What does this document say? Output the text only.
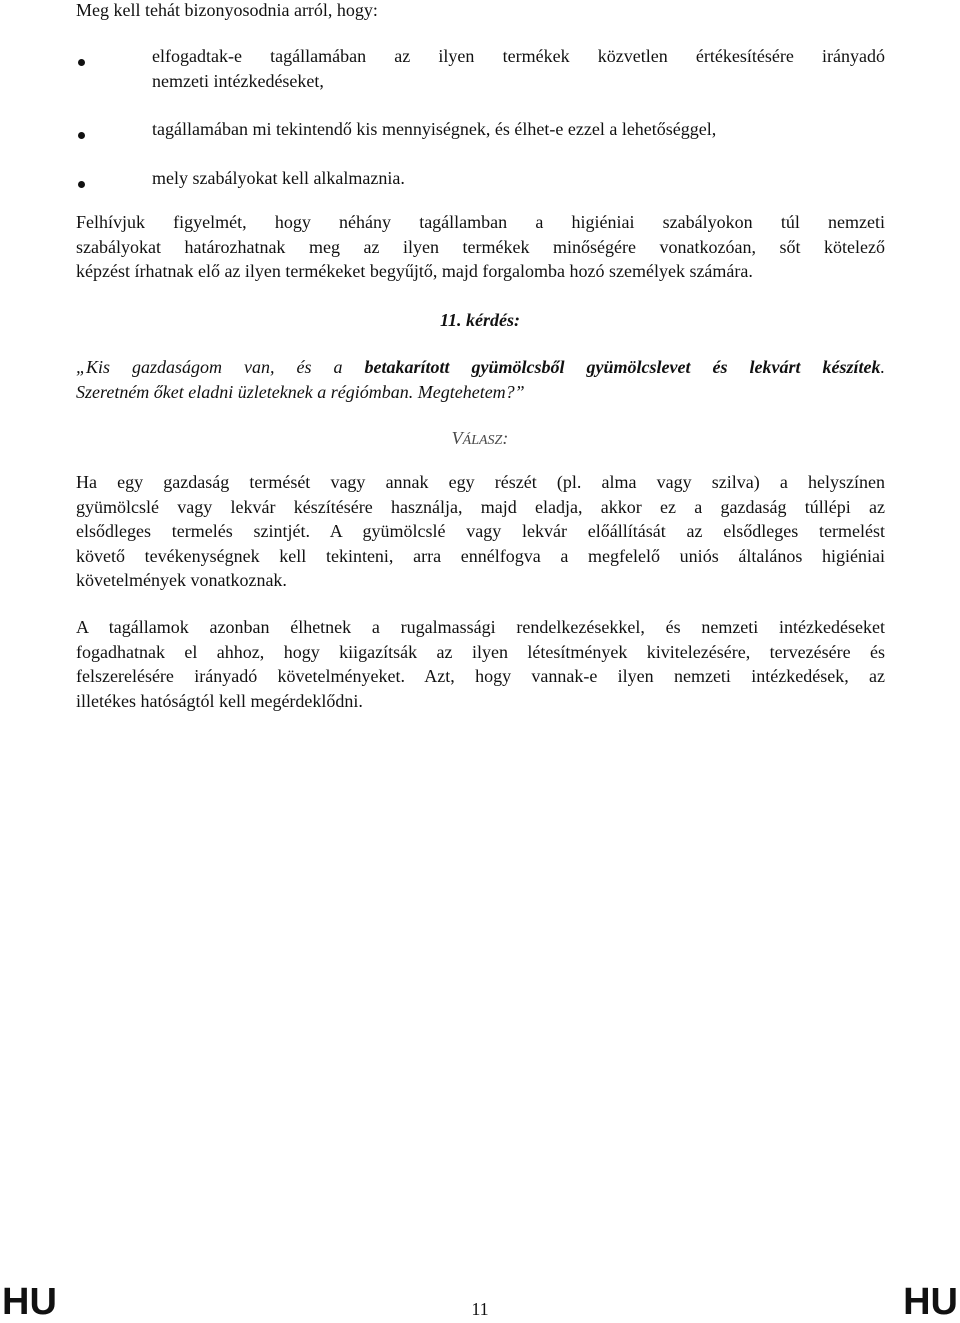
Meg kell tehát bizonyosodnia arról, hogy:
elfogadtak-e tagállamában az ilyen termékek közvetlen értékesítésére irányadó
nemzeti intézkedéseket,
tagállamában mi tekintendő kis mennyiségnek, és élhet-e ezzel a lehetőséggel,
mely szabályokat kell alkalmaznia.
Felhívjuk figyelmét, hogy néhány tagállamban a higiéniai szabályokon túl nemzeti
szabályokat határozhatnak meg az ilyen termékek minőségére vonatkozóan, sőt kötelező
képzést írhatnak elő az ilyen termékeket begyűjtő, majd forgalomba hozó személyek számára.
11. kérdés:
„Kis gazdaságom van, és a betakarított gyümölcsből gyümölcslevet és lekvárt készítek.
Szeretném őket eladni üzleteknek a régiómban. Megtehetem?”
VÁLASZ:
Ha egy gazdaság termését vagy annak egy részét (pl. alma vagy szilva) a helyszínen
gyümölcslé vagy lekvár készítésére használja, majd eladja, akkor ez a gazdaság túllépi az
elsődleges termelés szintjét. A gyümölcslé vagy lekvár előállítását az elsődleges termelést
követő tevékenységnek kell tekinteni, arra ennélfogva a megfelelő uniós általános higiéniai
követelmények vonatkoznak.
A tagállamok azonban élhetnek a rugalmassági rendelkezésekkel, és nemzeti intézkedéseket
fogadhatnak el ahhoz, hogy kiigazítsák az ilyen létesítmények kivitelezésére, tervezésére és
felszerelésére irányadó követelményeket. Azt, hogy vannak-e ilyen nemzeti intézkedések, az
illetékes hatóságtól kell megérdeklődni.
HU	11	HU
